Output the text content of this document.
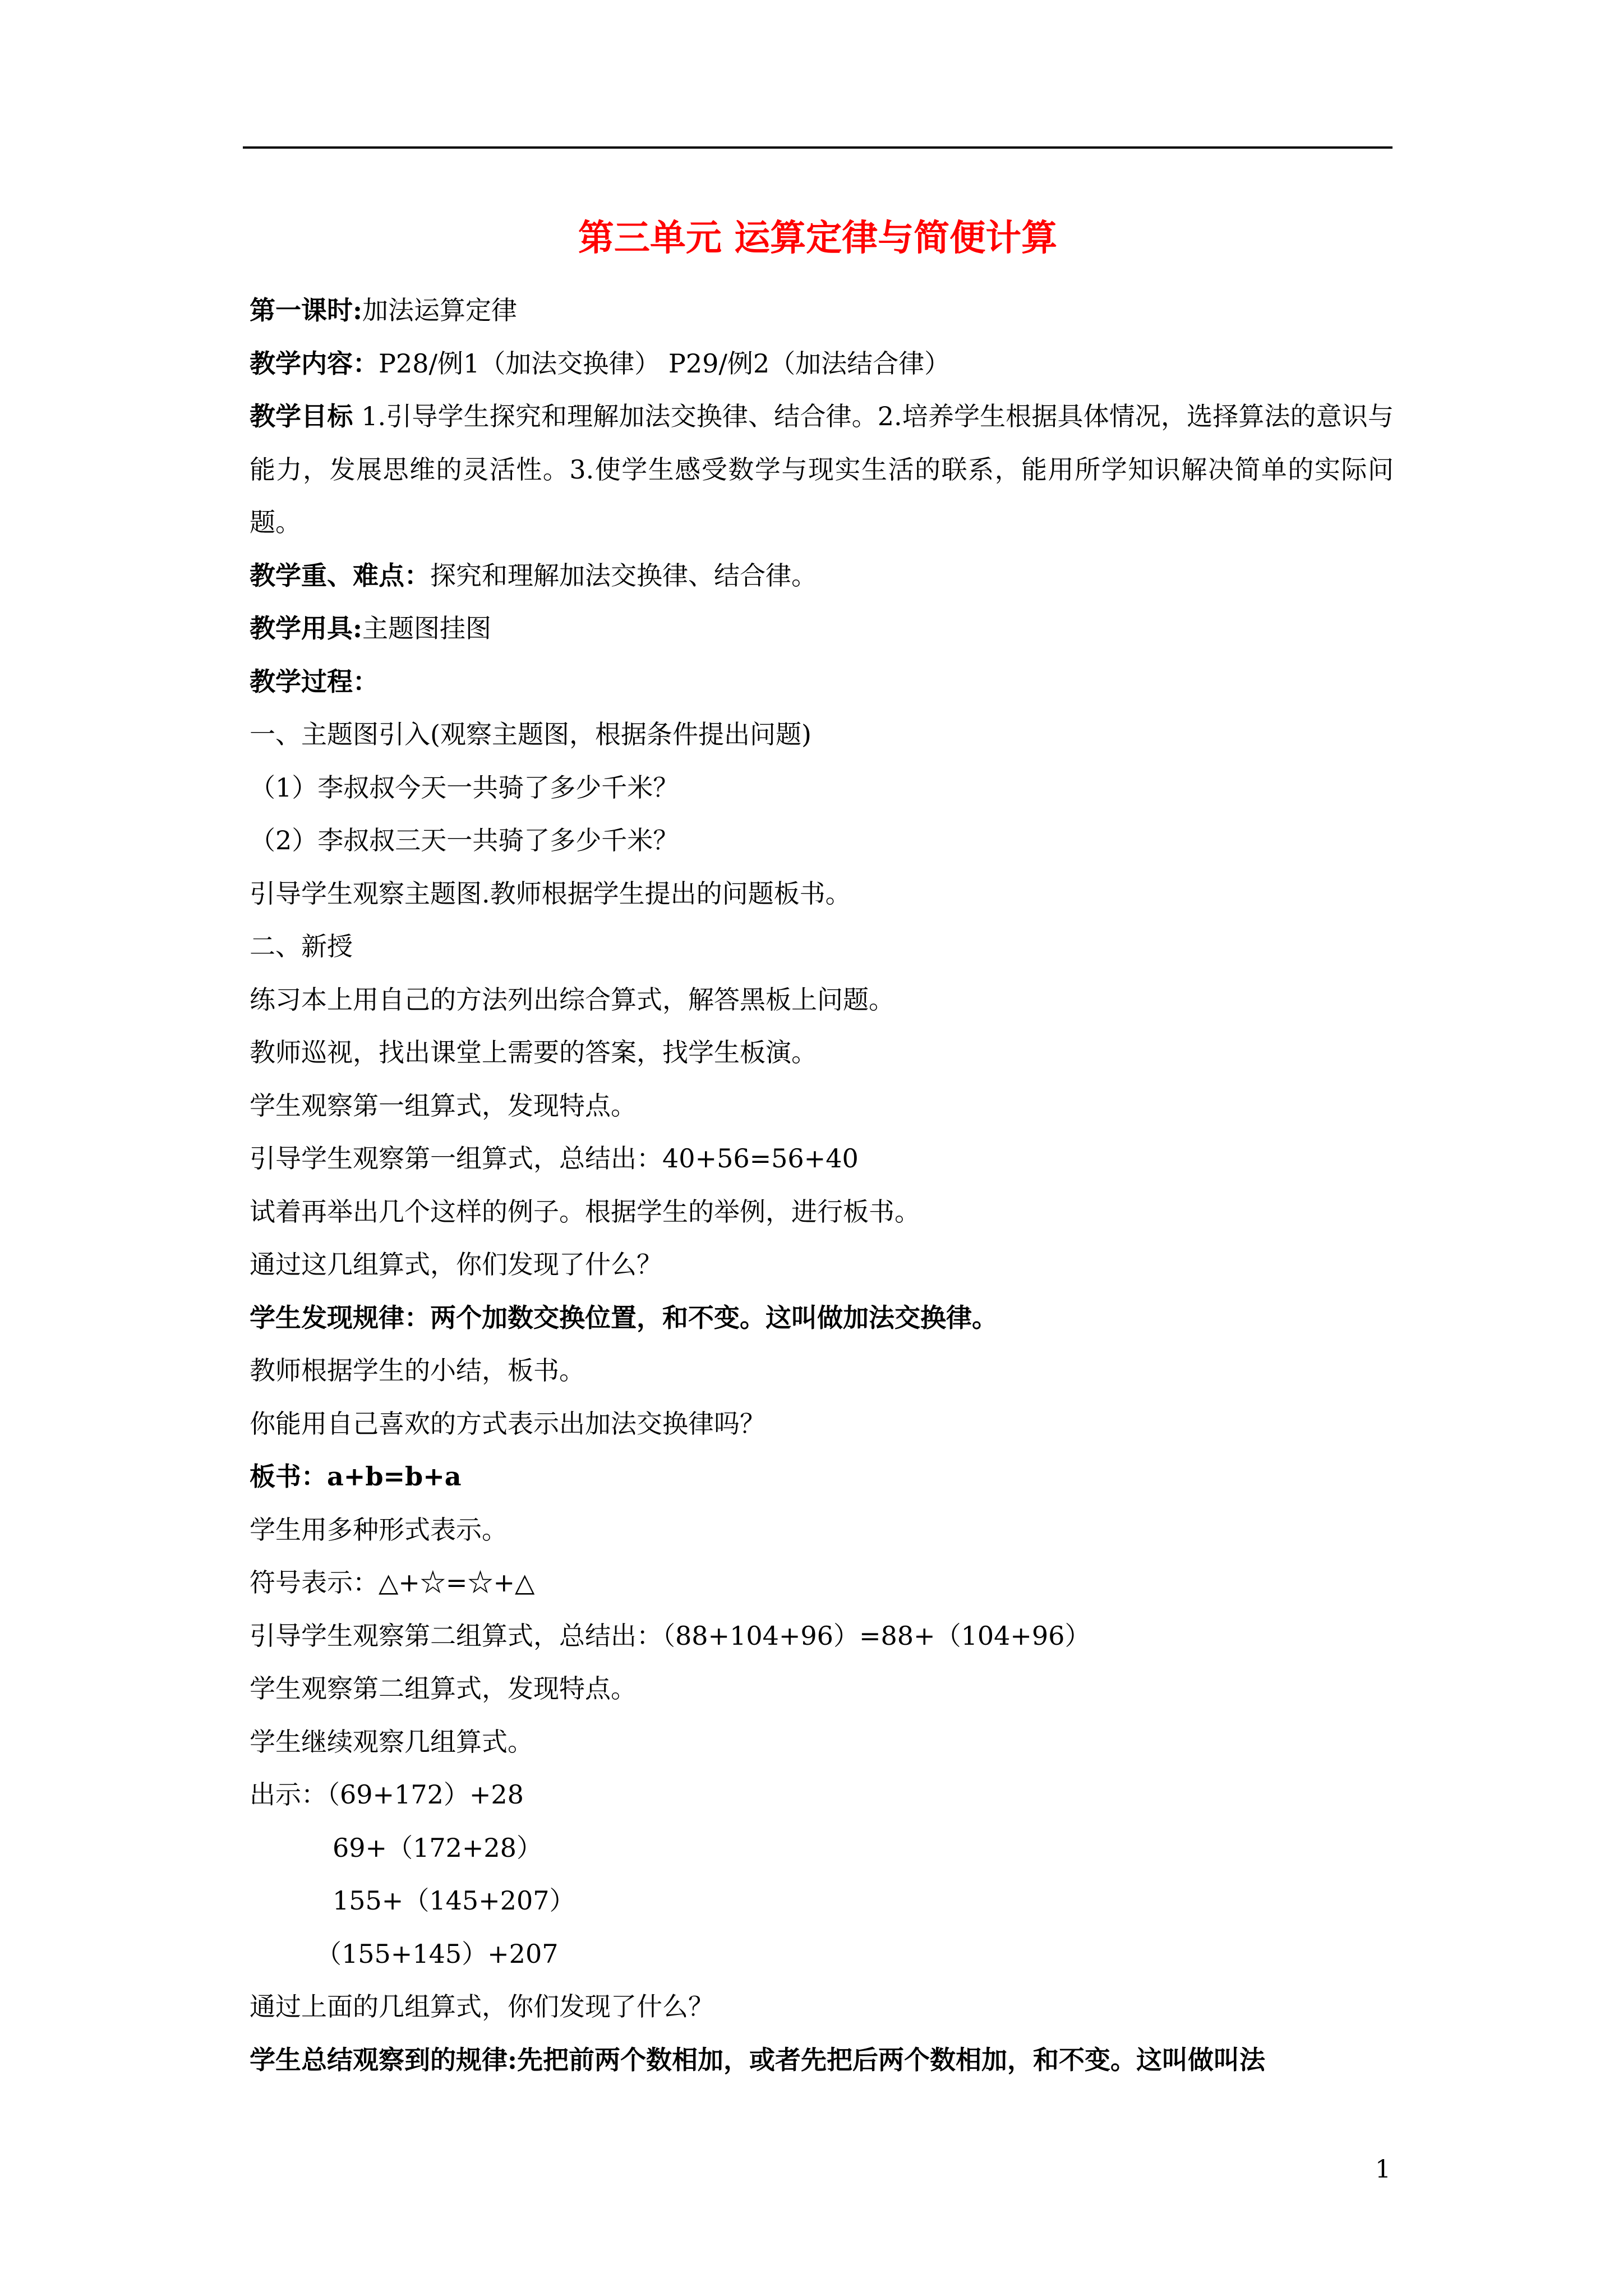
第三单元 运算定律与简便计算
第一课时:加法运算定律
教学内容：P28/例1（加法交换律） P29/例2（加法结合律）
教学目标 1.引导学生探究和理解加法交换律、结合律。2.培养学生根据具体情况，选择算法的意识与能力，发展思维的灵活性。3.使学生感受数学与现实生活的联系，能用所学知识解决简单的实际问题。
教学重、难点：探究和理解加法交换律、结合律。
教学用具:主题图挂图
教学过程：
一、主题图引入(观察主题图，根据条件提出问题)
（1）李叔叔今天一共骑了多少千米？
（2）李叔叔三天一共骑了多少千米？
引导学生观察主题图.教师根据学生提出的问题板书。
二、新授
练习本上用自己的方法列出综合算式，解答黑板上问题。
教师巡视，找出课堂上需要的答案，找学生板演。
学生观察第一组算式，发现特点。
引导学生观察第一组算式，总结出：40+56=56+40
试着再举出几个这样的例子。根据学生的举例，进行板书。
通过这几组算式，你们发现了什么？
学生发现规律：两个加数交换位置，和不变。这叫做加法交换律。
教师根据学生的小结，板书。
你能用自己喜欢的方式表示出加法交换律吗？
板书：a+b=b+a
学生用多种形式表示。
符号表示：△+☆=☆+△
引导学生观察第二组算式，总结出：（88+104+96）=88+（104+96）
学生观察第二组算式，发现特点。
学生继续观察几组算式。
出示：（69+172）+28
69+（172+28）
155+（145+207）
（155+145）+207
通过上面的几组算式，你们发现了什么？
学生总结观察到的规律:先把前两个数相加，或者先把后两个数相加，和不变。这叫做叫法
1
